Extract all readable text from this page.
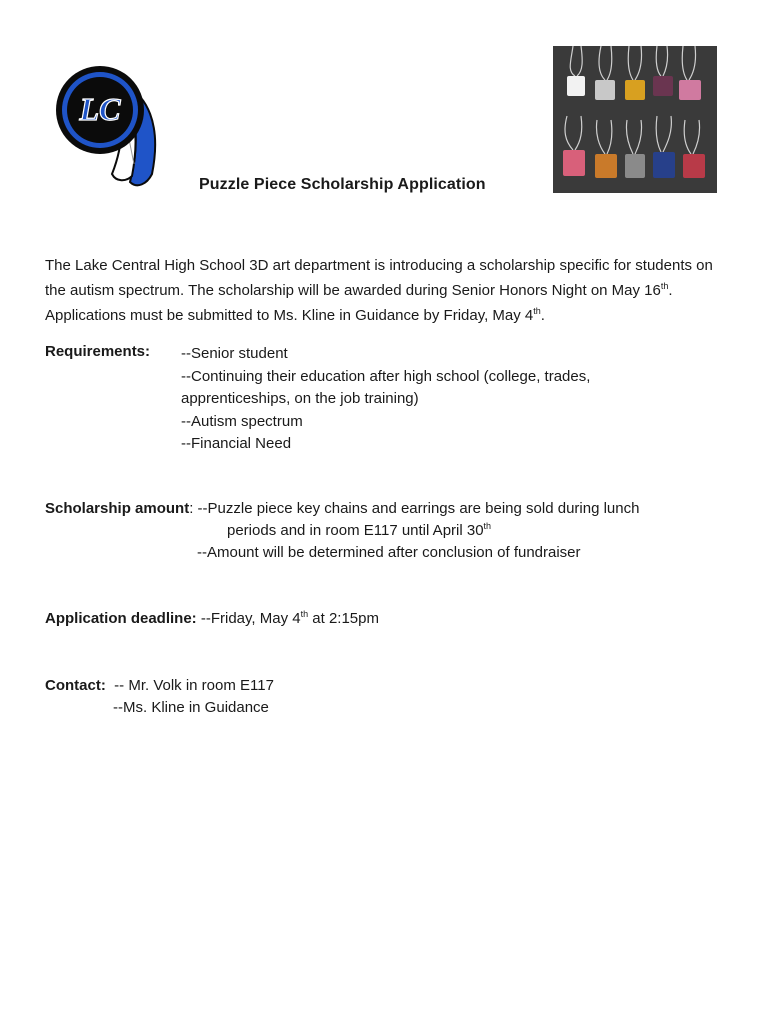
LC
Puzzle Piece Scholarship Application
The Lake Central High School 3D art department is introducing a scholarship specific for students on the autism spectrum. The scholarship will be awarded during Senior Honors Night on May 16th. Applications must be submitted to Ms. Kline in Guidance by Friday, May 4th.
Requirements: --Senior student
--Continuing their education after high school (college, trades, apprenticeships, on the job training)
--Autism spectrum
--Financial Need
Scholarship amount: --Puzzle piece key chains and earrings are being sold during lunch
periods and in room E117 until April 30th
--Amount will be determined after conclusion of fundraiser
Application deadline: --Friday, May 4th at 2:15pm
Contact:  -- Mr. Volk in room E117
--Ms. Kline in Guidance
